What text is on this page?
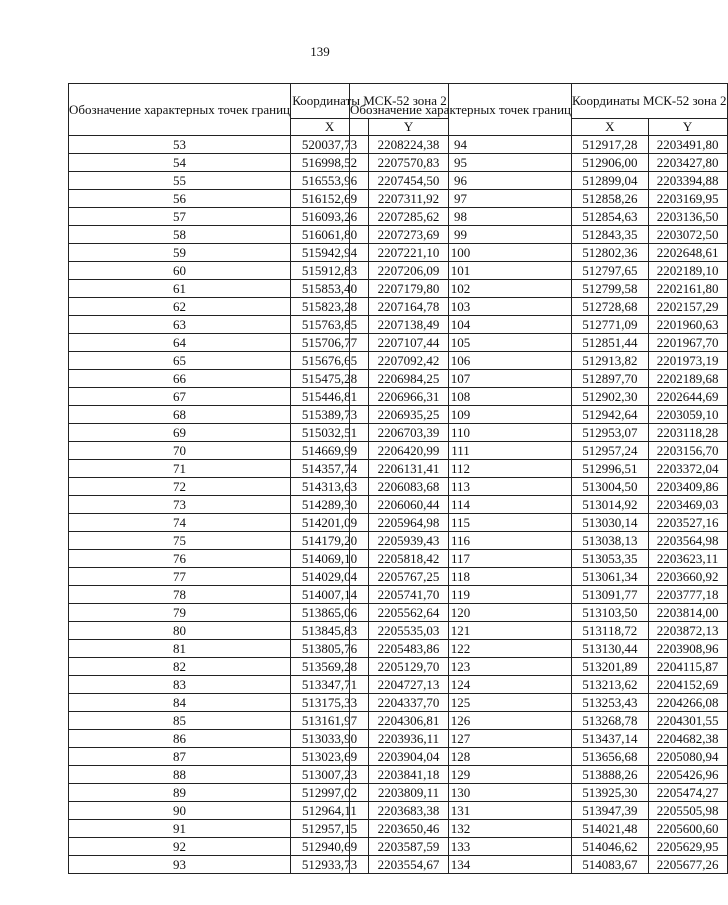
139
Обозначение характерных точек границ	Координаты МСК-52 зона 2	
	X	Y
53	520037,73	2208224,38
54	516998,52	2207570,83
55	516553,96	2207454,50
56	516152,69	2207311,92
57	516093,26	2207285,62
58	516061,80	2207273,69
59	515942,94	2207221,10
60	515912,83	2207206,09
61	515853,40	2207179,80
62	515823,28	2207164,78
63	515763,85	2207138,49
64	515706,77	2207107,44
65	515676,65	2207092,42
66	515475,28	2206984,25
67	515446,81	2206966,31
68	515389,73	2206935,25
69	515032,51	2206703,39
70	514669,99	2206420,99
71	514357,74	2206131,41
72	514313,63	2206083,68
73	514289,30	2206060,44
74	514201,09	2205964,98
75	514179,20	2205939,43
76	514069,10	2205818,42
77	514029,04	2205767,25
78	514007,14	2205741,70
79	513865,06	2205562,64
80	513845,83	2205535,03
81	513805,76	2205483,86
82	513569,28	2205129,70
83	513347,71	2204727,13
84	513175,33	2204337,70
85	513161,97	2204306,81
86	513033,90	2203936,11
87	513023,69	2203904,04
88	513007,23	2203841,18
89	512997,02	2203809,11
90	512964,11	2203683,38
91	512957,15	2203650,46
92	512940,69	2203587,59
93	512933,73	2203554,67
Обозначение характерных точек границ	Координаты МСК-52 зона 2	
	X	Y
94	512917,28	2203491,80
95	512906,00	2203427,80
96	512899,04	2203394,88
97	512858,26	2203169,95
98	512854,63	2203136,50
99	512843,35	2203072,50
100	512802,36	2202648,61
101	512797,65	2202189,10
102	512799,58	2202161,80
103	512728,68	2202157,29
104	512771,09	2201960,63
105	512851,44	2201967,70
106	512913,82	2201973,19
107	512897,70	2202189,68
108	512902,30	2202644,69
109	512942,64	2203059,10
110	512953,07	2203118,28
111	512957,24	2203156,70
112	512996,51	2203372,04
113	513004,50	2203409,86
114	513014,92	2203469,03
115	513030,14	2203527,16
116	513038,13	2203564,98
117	513053,35	2203623,11
118	513061,34	2203660,92
119	513091,77	2203777,18
120	513103,50	2203814,00
121	513118,72	2203872,13
122	513130,44	2203908,96
123	513201,89	2204115,87
124	513213,62	2204152,69
125	513253,43	2204266,08
126	513268,78	2204301,55
127	513437,14	2204682,38
128	513656,68	2205080,94
129	513888,26	2205426,96
130	513925,30	2205474,27
131	513947,39	2205505,98
132	514021,48	2205600,60
133	514046,62	2205629,95
134	514083,67	2205677,26
